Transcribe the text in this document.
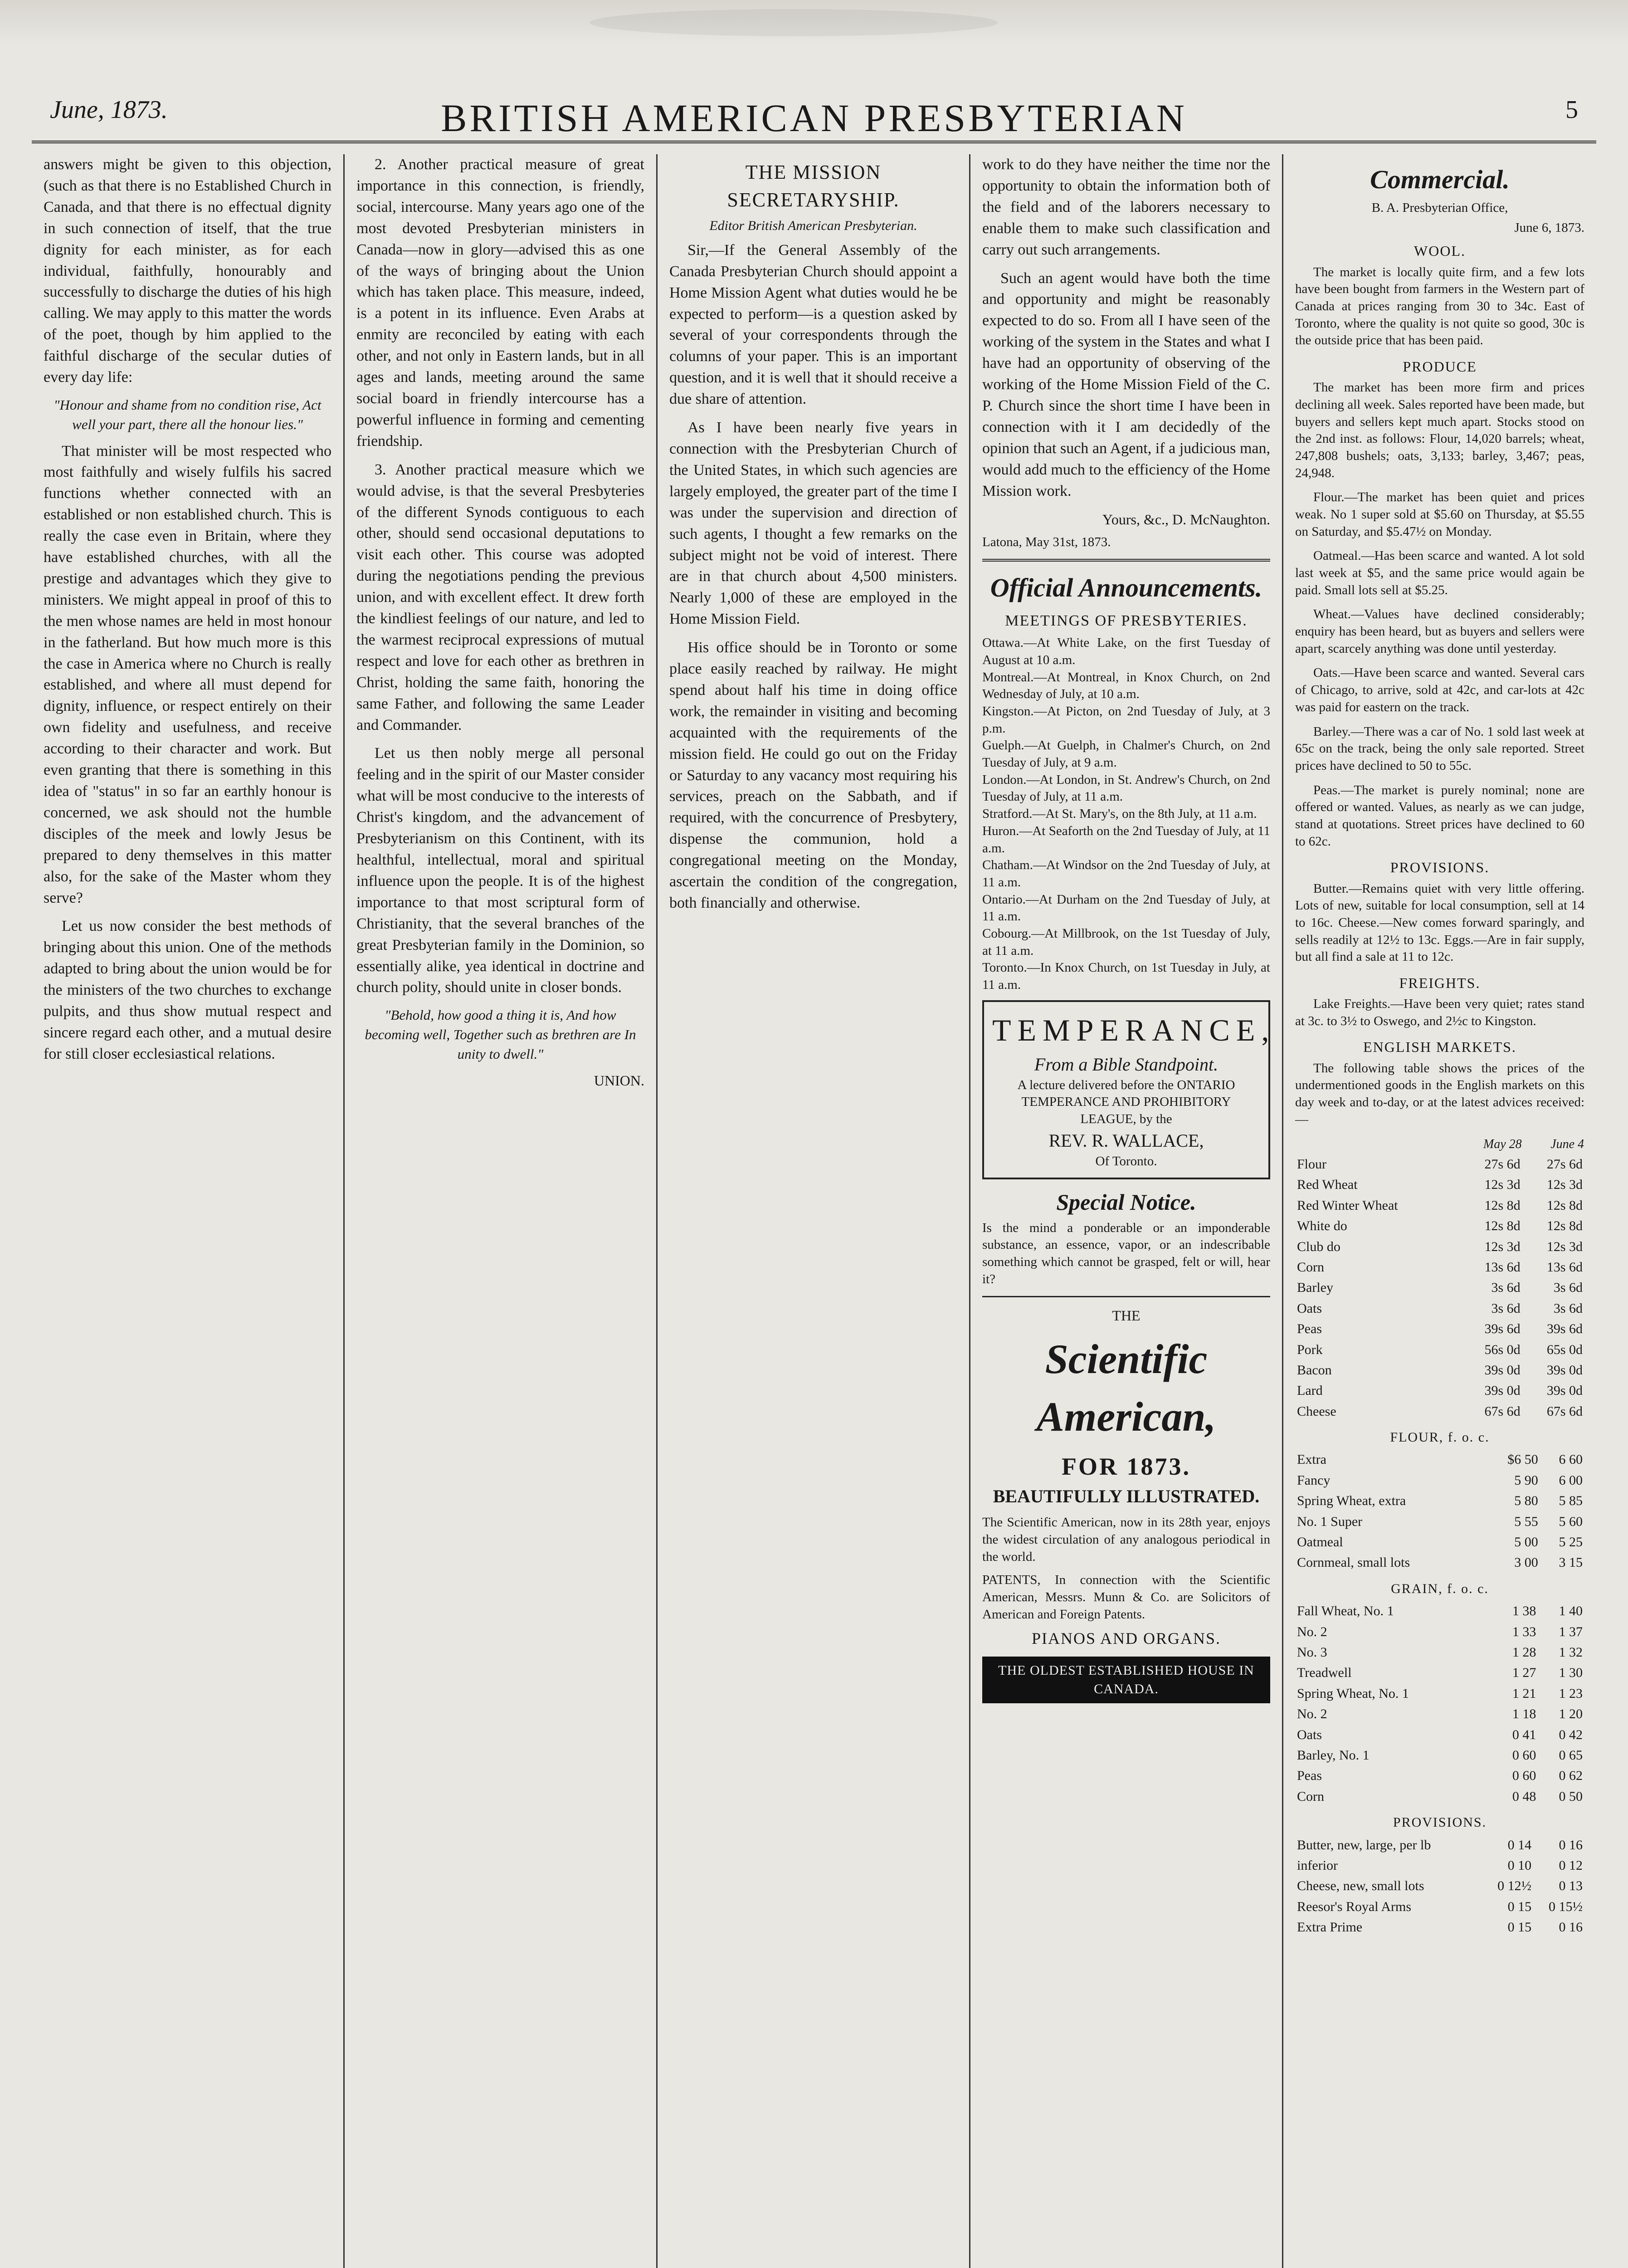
June, 1873.	BRITISH AMERICAN PRESBYTERIAN	5

answers might be given to this objection, (such as that there is no Established Church in Canada, and that there is no effectual dignity in such connection of itself, that the true dignity for each minister, as for each individual, faithfully, honourably and successfully to discharge the duties of his high calling. We may apply to this matter the words of the poet, though by him applied to the faithful discharge of the secular duties of every day life:

"Honour and shame from no condition rise, Act well your part, there all the honour lies."

That minister will be most respected who most faithfully and wisely fulfils his sacred functions whether connected with an established or non established church. This is really the case even in Britain, where they have established churches, with all the prestige and advantages which they give to ministers. We might appeal in proof of this to the men whose names are held in most honour in the fatherland. But how much more is this the case in America where no Church is really established, and where all must depend for dignity, influence, or respect entirely on their own fidelity and usefulness, and receive according to their character and work. But even granting that there is something in this idea of "status" in so far an earthly honour is concerned, we ask should not the humble disciples of the meek and lowly Jesus be prepared to deny themselves in this matter also, for the sake of the Master whom they serve?

Let us now consider the best methods of bringing about this union. One of the methods adapted to bring about the union would be for the ministers of the two churches to exchange pulpits, and thus show mutual respect and sincere regard each other, and a mutual desire for still closer ecclesiastical relations.

2. Another practical measure of great importance in this connection, is friendly, social, intercourse. Many years ago one of the most devoted Presbyterian ministers in Canada—now in glory—advised this as one of the ways of bringing about the Union which has taken place. This measure, indeed, is a potent in its influence. Even Arabs at enmity are reconciled by eating with each other, and not only in Eastern lands, but in all ages and lands, meeting around the same social board in friendly intercourse has a powerful influence in forming and cementing friendship.

3. Another practical measure which we would advise, is that the several Presbyteries of the different Synods contiguous to each other, should send occasional deputations to visit each other. This course was adopted during the negotiations pending the previous union, and with excellent effect. It drew forth the kindliest feelings of our nature, and led to the warmest reciprocal expressions of mutual respect and love for each other as brethren in Christ, holding the same faith, honoring the same Father, and following the same Leader and Commander.

Let us then nobly merge all personal feeling and in the spirit of our Master consider what will be most conducive to the interests of Christ's kingdom, and the advancement of Presbyterianism on this Continent, with its healthful, intellectual, moral and spiritual influence upon the people. It is of the highest importance to that most scriptural form of Christianity, that the several branches of the great Presbyterian family in the Dominion, so essentially alike, yea identical in doctrine and church polity, should unite in closer bonds.

"Behold, how good a thing it is, And how becoming well, Together such as brethren are In unity to dwell."
UNION.
THE MISSION SECRETARYSHIP.
Editor British American Presbyterian.

Sir,—If the General Assembly of the Canada Presbyterian Church should appoint a Home Mission Agent what duties would he be expected to perform—is a question asked by several of your correspondents through the columns of your paper. This is an important question, and it is well that it should receive a due share of attention.

As I have been nearly five years in connection with the Presbyterian Church of the United States, in which such agencies are largely employed, the greater part of the time I was under the supervision and direction of such agents, I thought a few remarks on the subject might not be void of interest. There are in that church about 4,500 ministers. Nearly 1,000 of these are employed in the Home Mission Field.

His office should be in Toronto or some place easily reached by railway. He might spend about half his time in doing office work, the remainder in visiting and becoming acquainted with the requirements of the mission field. He could go out on the Friday or Saturday to any vacancy most requiring his services, preach on the Sabbath, and if required, with the concurrence of Presbytery, dispense the communion, hold a congregational meeting on the Monday, ascertain the condition of the congregation, both financially and otherwise.

work to do they have neither the time nor the opportunity to obtain the information both of the field and of the laborers necessary to enable them to make such classification and carry out such arrangements.

Such an agent would have both the time and opportunity and might be reasonably expected to do so. From all I have seen of the working of the system in the States and what I have had an opportunity of observing of the working of the Home Mission Field of the C. P. Church since the short time I have been in connection with it I am decidedly of the opinion that such an Agent, if a judicious man, would add much to the efficiency of the Home Mission work.

Yours, &c., D. McNaughton.
Latona, May 31st, 1873.
Official Announcements.
MEETINGS OF PRESBYTERIES.
Ottawa.—At White Lake, on the first Tuesday of August at 10 a.m.
Montreal.—At Montreal, in Knox Church, on 2nd Wednesday of July, at 10 a.m.
Kingston.—At Picton, on 2nd Tuesday of July, at 3 p.m.
Guelph.—At Guelph, in Chalmer's Church, on 2nd Tuesday of July, at 9 a.m.
London.—At London, in St. Andrew's Church, on 2nd Tuesday of July, at 11 a.m.
Stratford.—At St. Mary's, on the 8th July, at 11 a.m.
Huron.—At Seaforth on the 2nd Tuesday of July, at 11 a.m.
Chatham.—At Windsor on the 2nd Tuesday of July, at 11 a.m.
Ontario.—At Durham on the 2nd Tuesday of July, at 11 a.m.
Cobourg.—At Millbrook, on the 1st Tuesday of July, at 11 a.m.
Toronto.—In Knox Church, on 1st Tuesday in July, at 11 a.m.
TEMPERANCE,
From a Bible Standpoint.
A lecture delivered before the ONTARIO TEMPERANCE AND PROHIBITORY LEAGUE, by the
REV. R. WALLACE,
Of Toronto.
Special Notice.
Is the mind a ponderable or an imponderable substance, an essence, vapor, or an indescribable something which cannot be grasped, felt or will, hear it?
THE
Scientific American,
FOR 1873.
BEAUTIFULLY ILLUSTRATED.
The Scientific American, now in its 28th year, enjoys the widest circulation of any analogous periodical in the world.
PATENTS, In connection with the Scientific American, Messrs. Munn & Co. are Solicitors of American and Foreign Patents.
PIANOS AND ORGANS.
THE OLDEST ESTABLISHED HOUSE IN CANADA.
Commercial.
B. A. Presbyterian Office,
June 6, 1873.
WOOL.

The market is locally quite firm, and a few lots have been bought from farmers in the Western part of Canada at prices ranging from 30 to 34c. East of Toronto, where the quality is not quite so good, 30c is the outside price that has been paid.

PRODUCE

The market has been more firm and prices declining all week. Sales reported have been made, but buyers and sellers kept much apart. Stocks stood on the 2nd inst. as follows: Flour, 14,020 barrels; wheat, 247,808 bushels; oats, 3,133; barley, 3,467; peas, 24,948.

Flour.—The market has been quiet and prices weak. No 1 super sold at $5.60 on Thursday, at $5.55 on Saturday, and $5.47½ on Monday.

Oatmeal.—Has been scarce and wanted. A lot sold last week at $5, and the same price would again be paid. Small lots sell at $5.25.

Wheat.—Values have declined considerably; enquiry has been heard, but as buyers and sellers were apart, scarcely anything was done until yesterday.

Oats.—Have been scarce and wanted. Several cars of Chicago, to arrive, sold at 42c, and car-lots at 42c was paid for eastern on the track.

Barley.—There was a car of No. 1 sold last week at 65c on the track, being the only sale reported. Street prices have declined to 50 to 55c.

Peas.—The market is purely nominal; none are offered or wanted. Values, as nearly as we can judge, stand at quotations. Street prices have declined to 60 to 62c.

PROVISIONS.

Butter.—Remains quiet with very little offering. Lots of new, suitable for local consumption, sell at 14 to 16c. Cheese.—New comes forward sparingly, and sells readily at 12½ to 13c. Eggs.—Are in fair supply, but all find a sale at 11 to 12c.

FREIGHTS.

Lake Freights.—Have been very quiet; rates stand at 3c. to 3½ to Oswego, and 2½c to Kingston.

ENGLISH MARKETS.

The following table shows the prices of the undermentioned goods in the English markets on this day week and to-day, or at the latest advices received:—

	May 28	June 4
Flour	27s 6d	27s 6d
Red Wheat	12s 3d	12s 3d
Red Winter Wheat	12s 8d	12s 8d
White do	12s 8d	12s 8d
Club do	12s 3d	12s 3d
Corn	13s 6d	13s 6d
Barley	3s 6d	3s 6d
Oats	3s 6d	3s 6d
Peas	39s 6d	39s 6d
Pork	56s 0d	65s 0d
Bacon	39s 0d	39s 0d
Lard	39s 0d	39s 0d
Cheese	67s 6d	67s 6d
FLOUR, f. o. c.
Extra	$6 50	6 60
Fancy	5 90	6 00
Spring Wheat, extra	5 80	5 85
No. 1 Super	5 55	5 60
Oatmeal	5 00	5 25
Cornmeal, small lots	3 00	3 15
GRAIN, f. o. c.
Fall Wheat, No. 1	1 38	1 40
No. 2	1 33	1 37
No. 3	1 28	1 32
Treadwell	1 27	1 30
Spring Wheat, No. 1	1 21	1 23
No. 2	1 18	1 20
Oats	0 41	0 42
Barley, No. 1	0 60	0 65
Peas	0 60	0 62
Corn	0 48	0 50
PROVISIONS.
Butter, new, large, per lb	0 14	0 16
inferior	0 10	0 12
Cheese, new, small lots	0 12½	0 13
Reesor's Royal Arms	0 15	0 15½
Extra Prime	0 15	0 16
